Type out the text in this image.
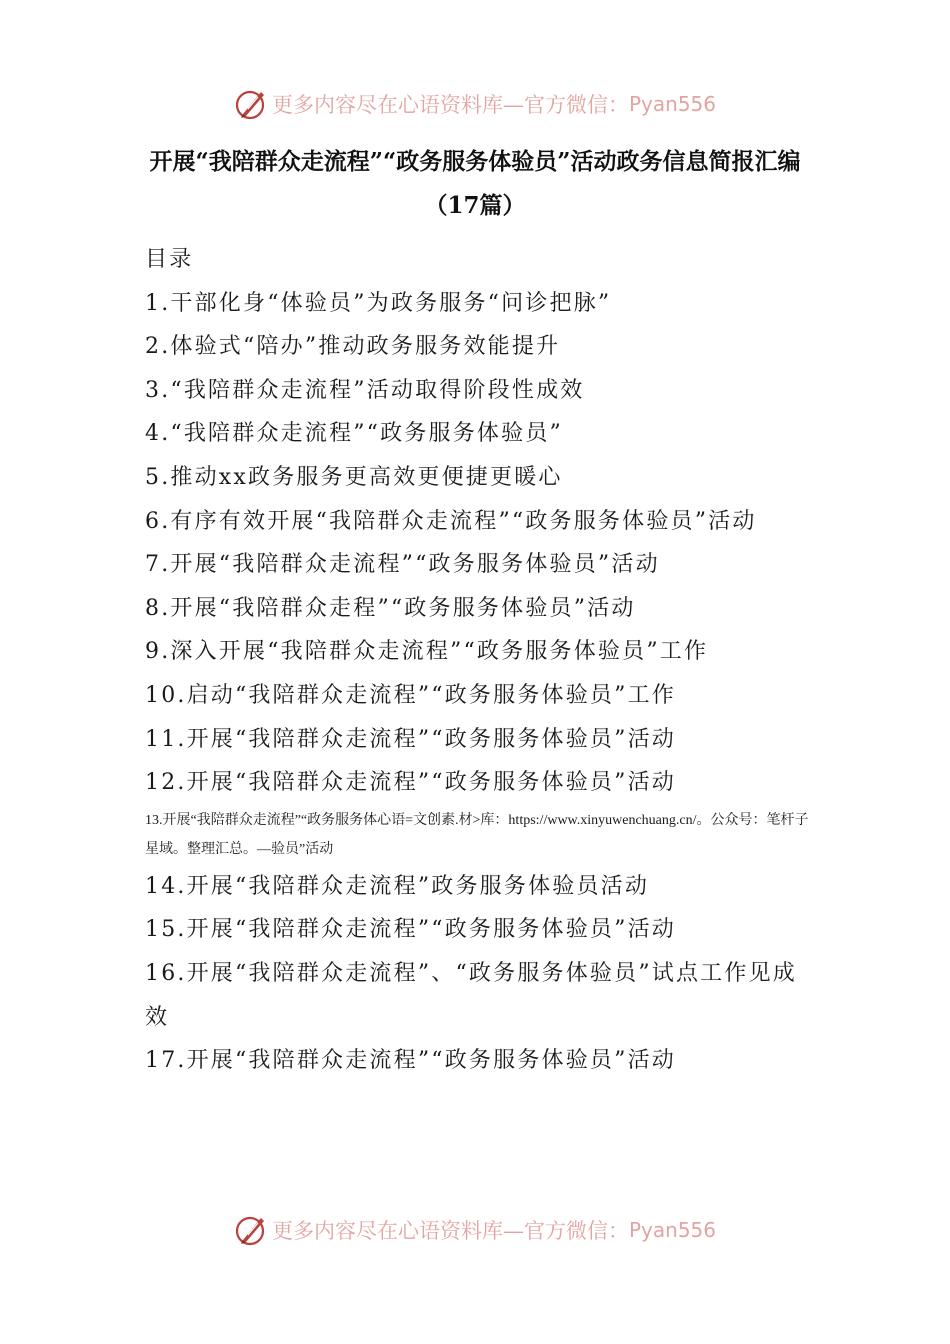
更多内容尽在心语资料库—官方微信： Pyan556
开展“我陪群众走流程”“政务服务体验员”活动政务信息简报汇编（17篇）
目录
1.干部化身“体验员”为政务服务“问诊把脉”
2.体验式“陪办”推动政务服务效能提升
3.“我陪群众走流程”活动取得阶段性成效
4.“我陪群众走流程”“政务服务体验员”
5.推动xx政务服务更高效更便捷更暖心
6.有序有效开展“我陪群众走流程”“政务服务体验员”活动
7.开展“我陪群众走流程”“政务服务体验员”活动
8.开展“我陪群众走程”“政务服务体验员”活动
9.深入开展“我陪群众走流程”“政务服务体验员”工作
10.启动“我陪群众走流程”“政务服务体验员”工作
11.开展“我陪群众走流程”“政务服务体验员”活动
12.开展“我陪群众走流程”“政务服务体验员”活动
13.开展“我陪群众走流程”“政务服务体心语=文创素.材>库：https://www.xinyuwenchuang.cn/。公众号：笔杆子星域。整理汇总。—验员”活动
14.开展“我陪群众走流程”政务服务体验员活动
15.开展“我陪群众走流程”“政务服务体验员”活动
16.开展“我陪群众走流程”、“政务服务体验员”试点工作见成效
17.开展“我陪群众走流程”“政务服务体验员”活动
更多内容尽在心语资料库—官方微信： Pyan556
